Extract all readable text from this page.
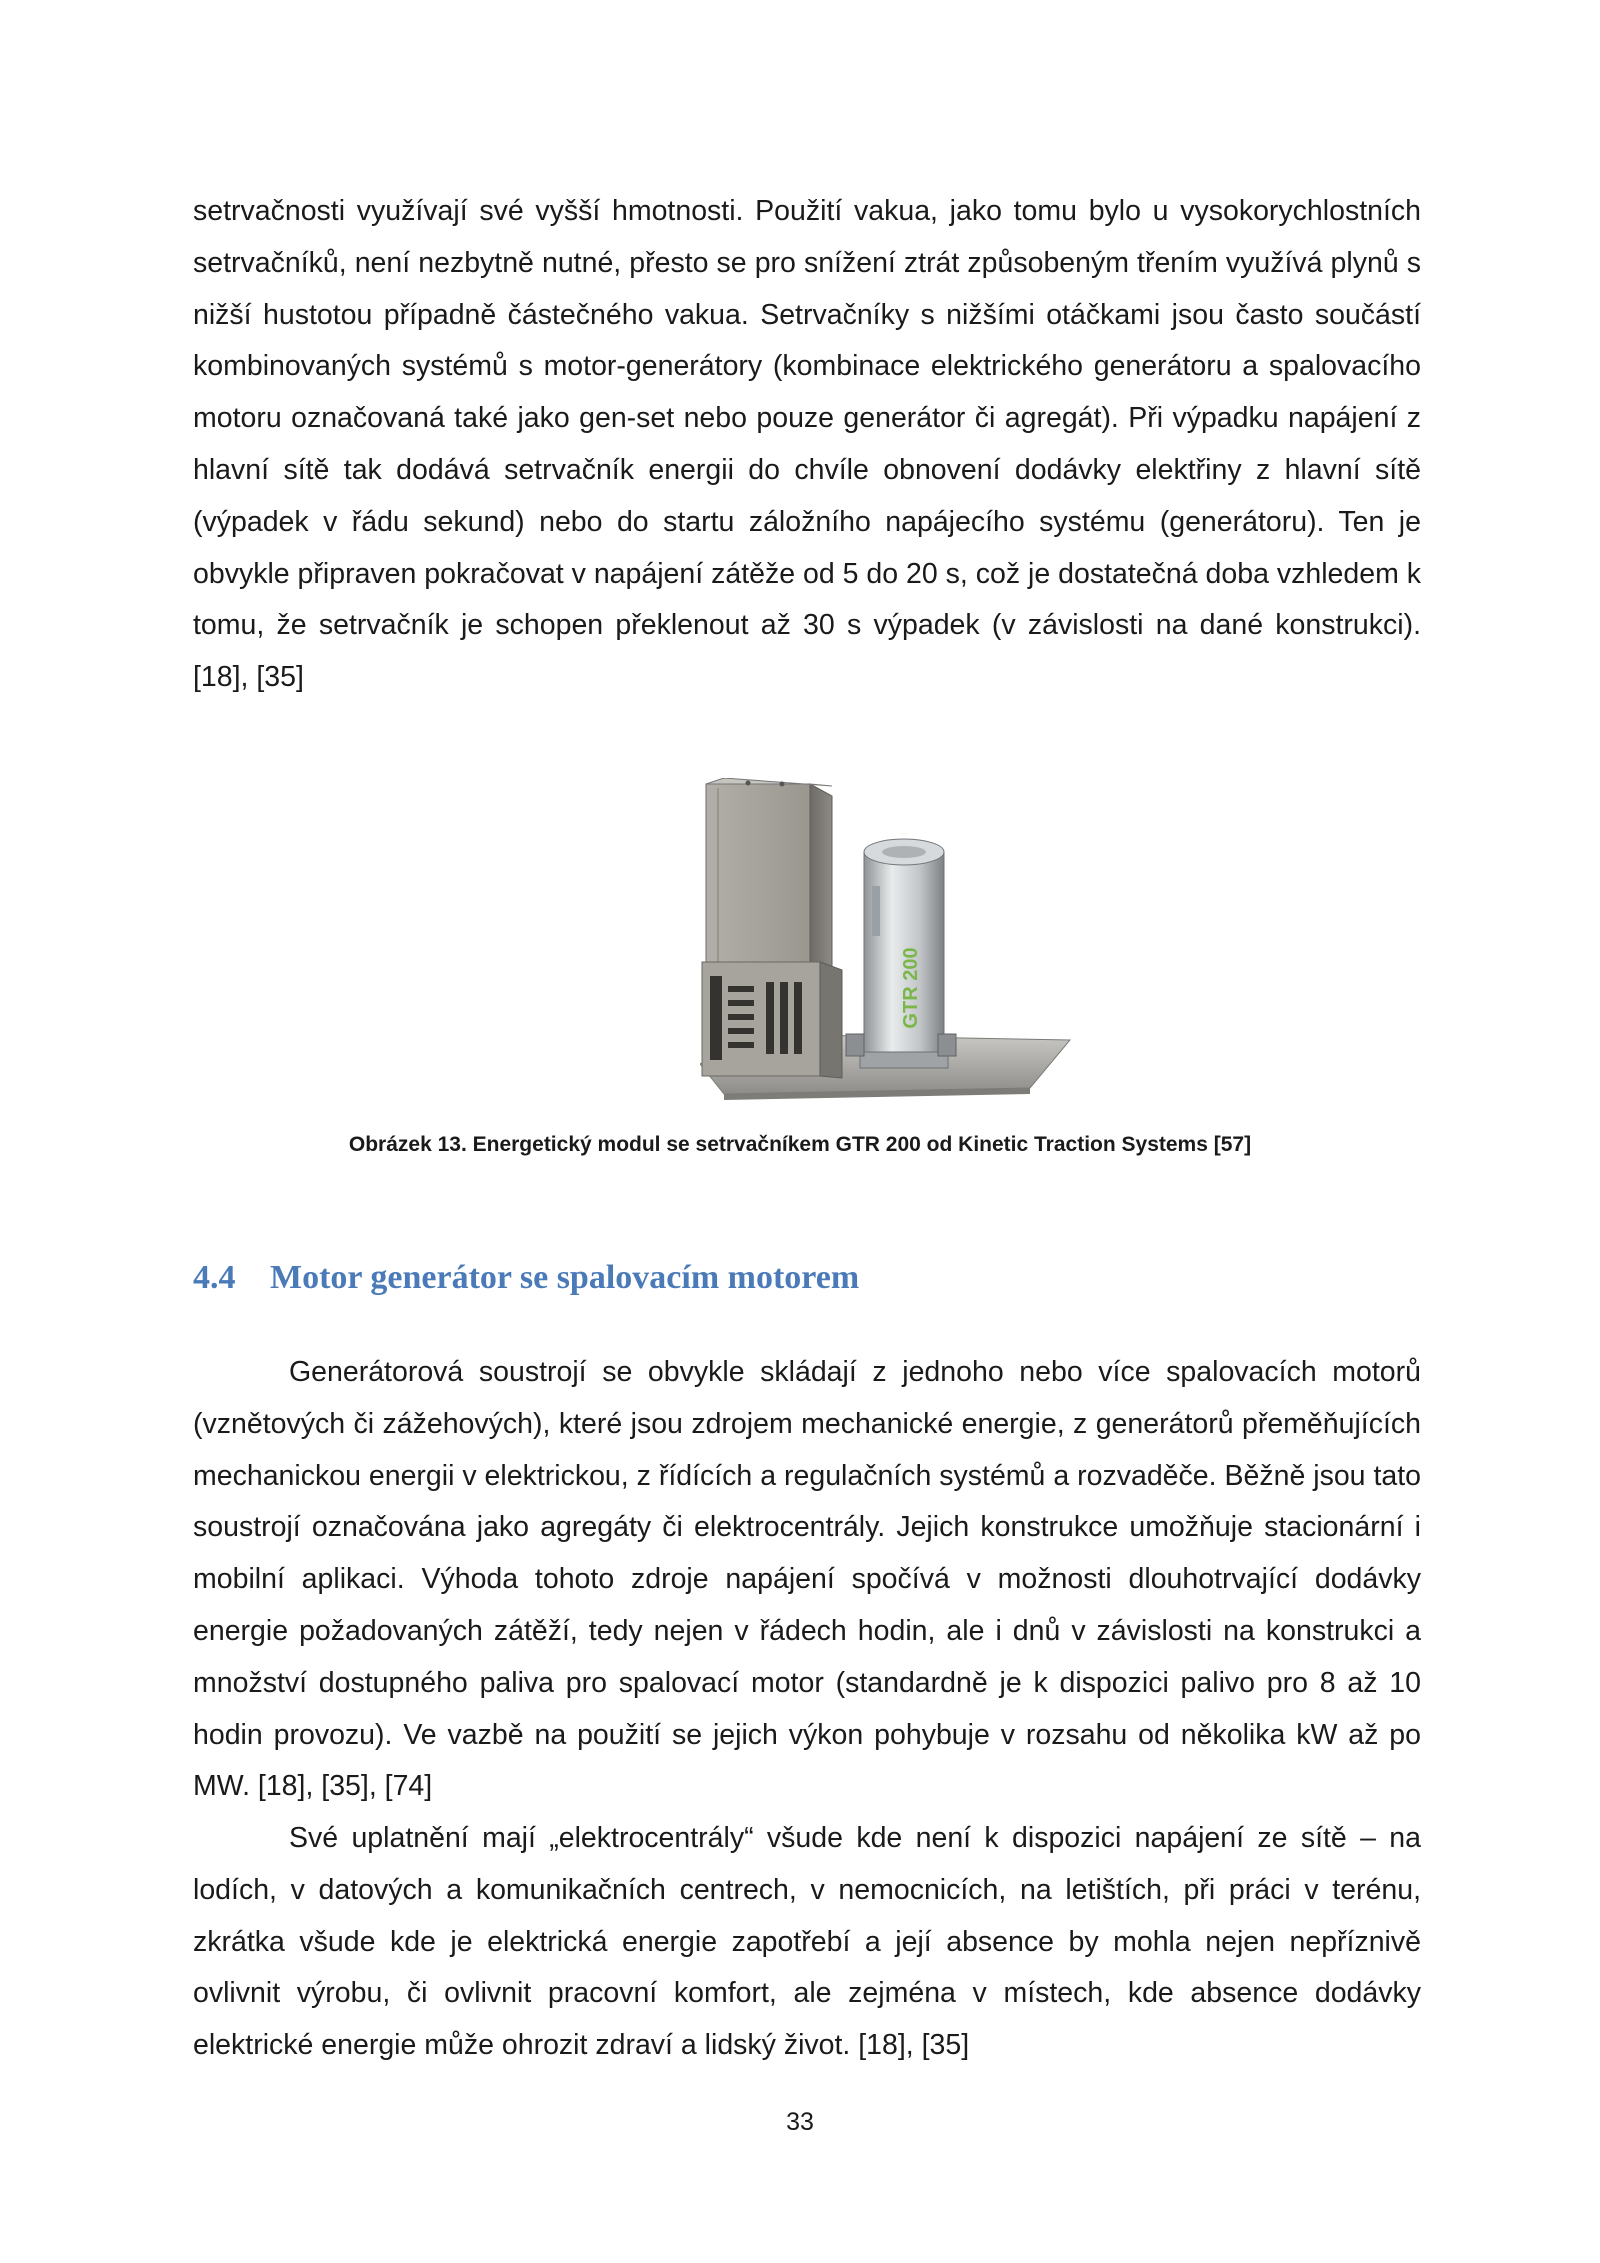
setrvačnosti využívají své vyšší hmotnosti. Použití vakua, jako tomu bylo u vysokorychlostních setrvačníků, není nezbytně nutné, přesto se pro snížení ztrát způsobeným třením využívá plynů s nižší hustotou případně částečného vakua. Setrvačníky s nižšími otáčkami jsou často součástí kombinovaných systémů s motor-generátory (kombinace elektrického generátoru a spalovacího motoru označovaná také jako gen-set nebo pouze generátor či agregát). Při výpadku napájení z hlavní sítě tak dodává setrvačník energii do chvíle obnovení dodávky elektřiny z hlavní sítě (výpadek v řádu sekund) nebo do startu záložního napájecího systému (generátoru). Ten je obvykle připraven pokračovat v napájení zátěže od 5 do 20 s, což je dostatečná doba vzhledem k tomu, že setrvačník je schopen překlenout až 30 s výpadek (v závislosti na dané konstrukci). [18], [35]

GTR 200
Obrázek 13. Energetický modul se setrvačníkem GTR 200 od Kinetic Traction Systems [57]
4.4 Motor generátor se spalovacím motorem

Generátorová soustrojí se obvykle skládají z jednoho nebo více spalovacích motorů (vznětových či zážehových), které jsou zdrojem mechanické energie, z generátorů přeměňujících mechanickou energii v elektrickou, z řídících a regulačních systémů a rozvaděče. Běžně jsou tato soustrojí označována jako agregáty či elektrocentrály. Jejich konstrukce umožňuje stacionární i mobilní aplikaci. Výhoda tohoto zdroje napájení spočívá v možnosti dlouhotrvající dodávky energie požadovaných zátěží, tedy nejen v řádech hodin, ale i dnů v závislosti na konstrukci a množství dostupného paliva pro spalovací motor (standardně je k dispozici palivo pro 8 až 10 hodin provozu). Ve vazbě na použití se jejich výkon pohybuje v rozsahu od několika kW až po MW. [18], [35], [74]

Své uplatnění mají „elektrocentrály“ všude kde není k dispozici napájení ze sítě – na lodích, v datových a komunikačních centrech, v nemocnicích, na letištích, při práci v terénu, zkrátka všude kde je elektrická energie zapotřebí a její absence by mohla nejen nepříznivě ovlivnit výrobu, či ovlivnit pracovní komfort, ale zejména v místech, kde absence dodávky elektrické energie může ohrozit zdraví a lidský život. [18], [35]

33
